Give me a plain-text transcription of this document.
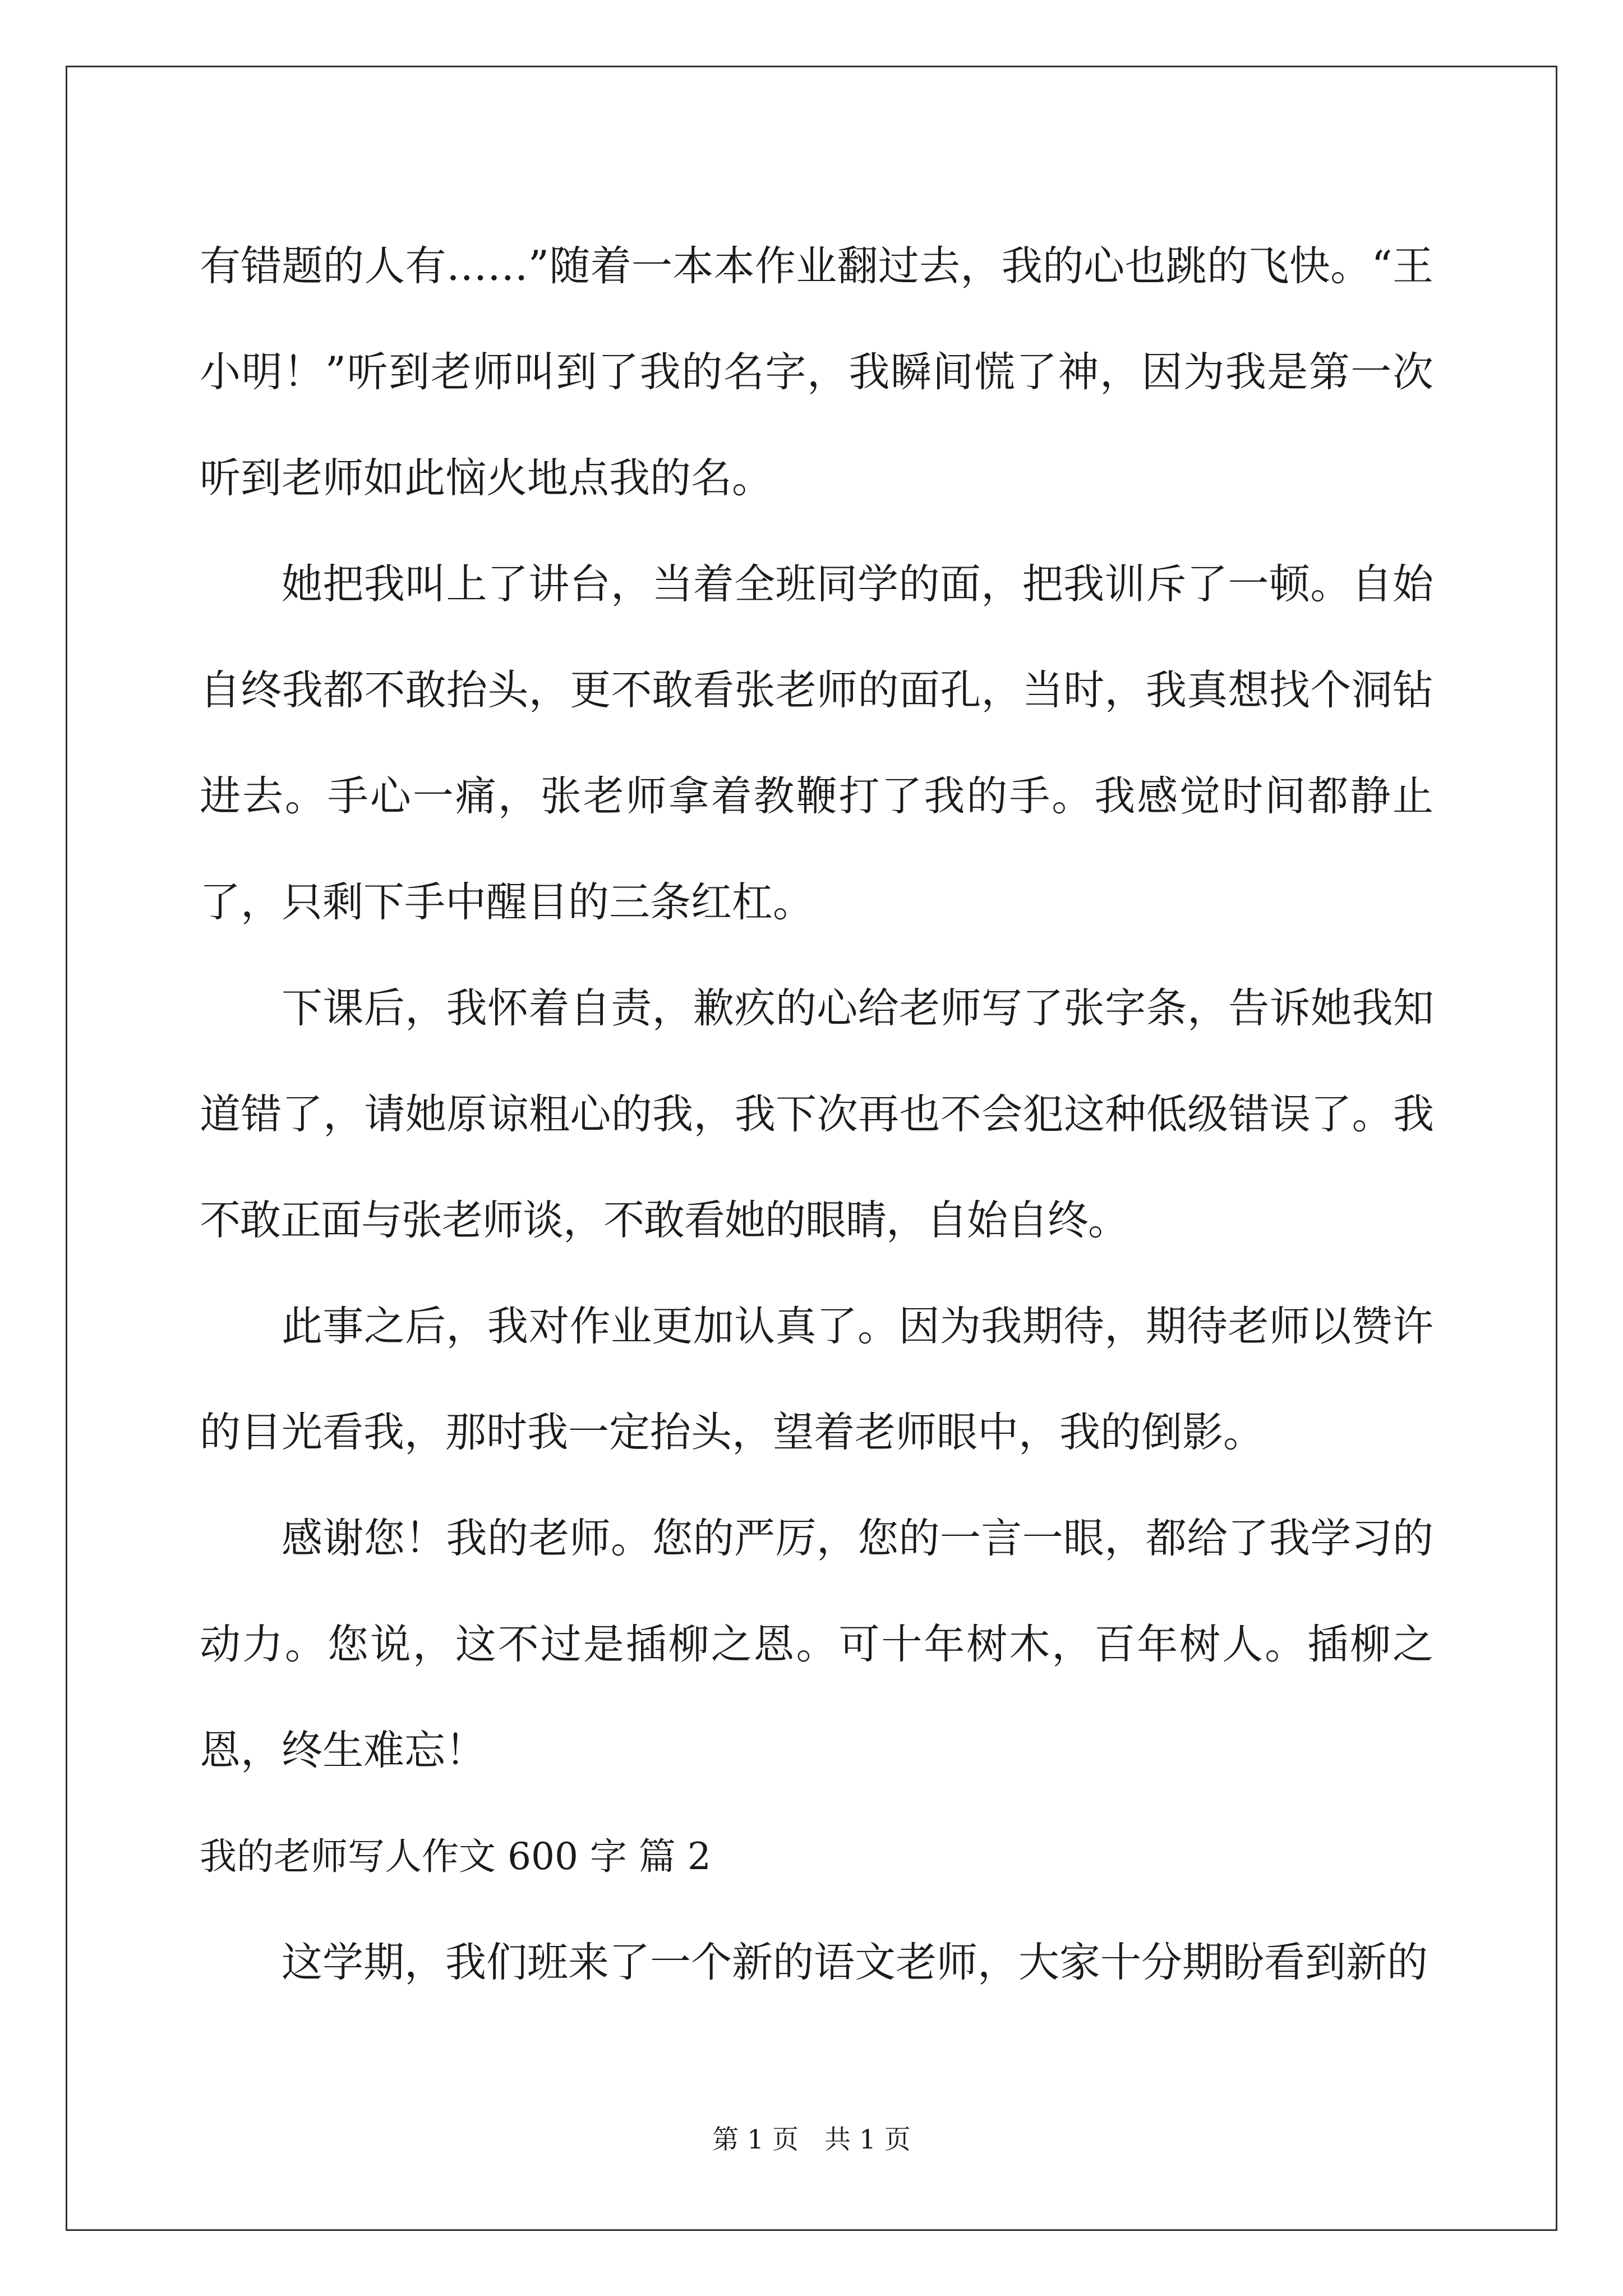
有错题的人有……”随着一本本作业翻过去，我的心也跳的飞快。“王小明！”听到老师叫到了我的名字，我瞬间慌了神，因为我是第一次听到老师如此恼火地点我的名。

她把我叫上了讲台，当着全班同学的面，把我训斥了一顿。自始自终我都不敢抬头，更不敢看张老师的面孔，当时，我真想找个洞钻进去。手心一痛，张老师拿着教鞭打了我的手。我感觉时间都静止了，只剩下手中醒目的三条红杠。

下课后，我怀着自责，歉疚的心给老师写了张字条，告诉她我知道错了，请她原谅粗心的我，我下次再也不会犯这种低级错误了。我不敢正面与张老师谈，不敢看她的眼睛，自始自终。

此事之后，我对作业更加认真了。因为我期待，期待老师以赞许的目光看我，那时我一定抬头，望着老师眼中，我的倒影。

感谢您！我的老师。您的严厉，您的一言一眼，都给了我学习的动力。您说，这不过是插柳之恩。可十年树木，百年树人。插柳之恩，终生难忘！

我的老师写人作文 600 字 篇 2

这学期，我们班来了一个新的语文老师，大家十分期盼看到新的

第 1 页 共 1 页
